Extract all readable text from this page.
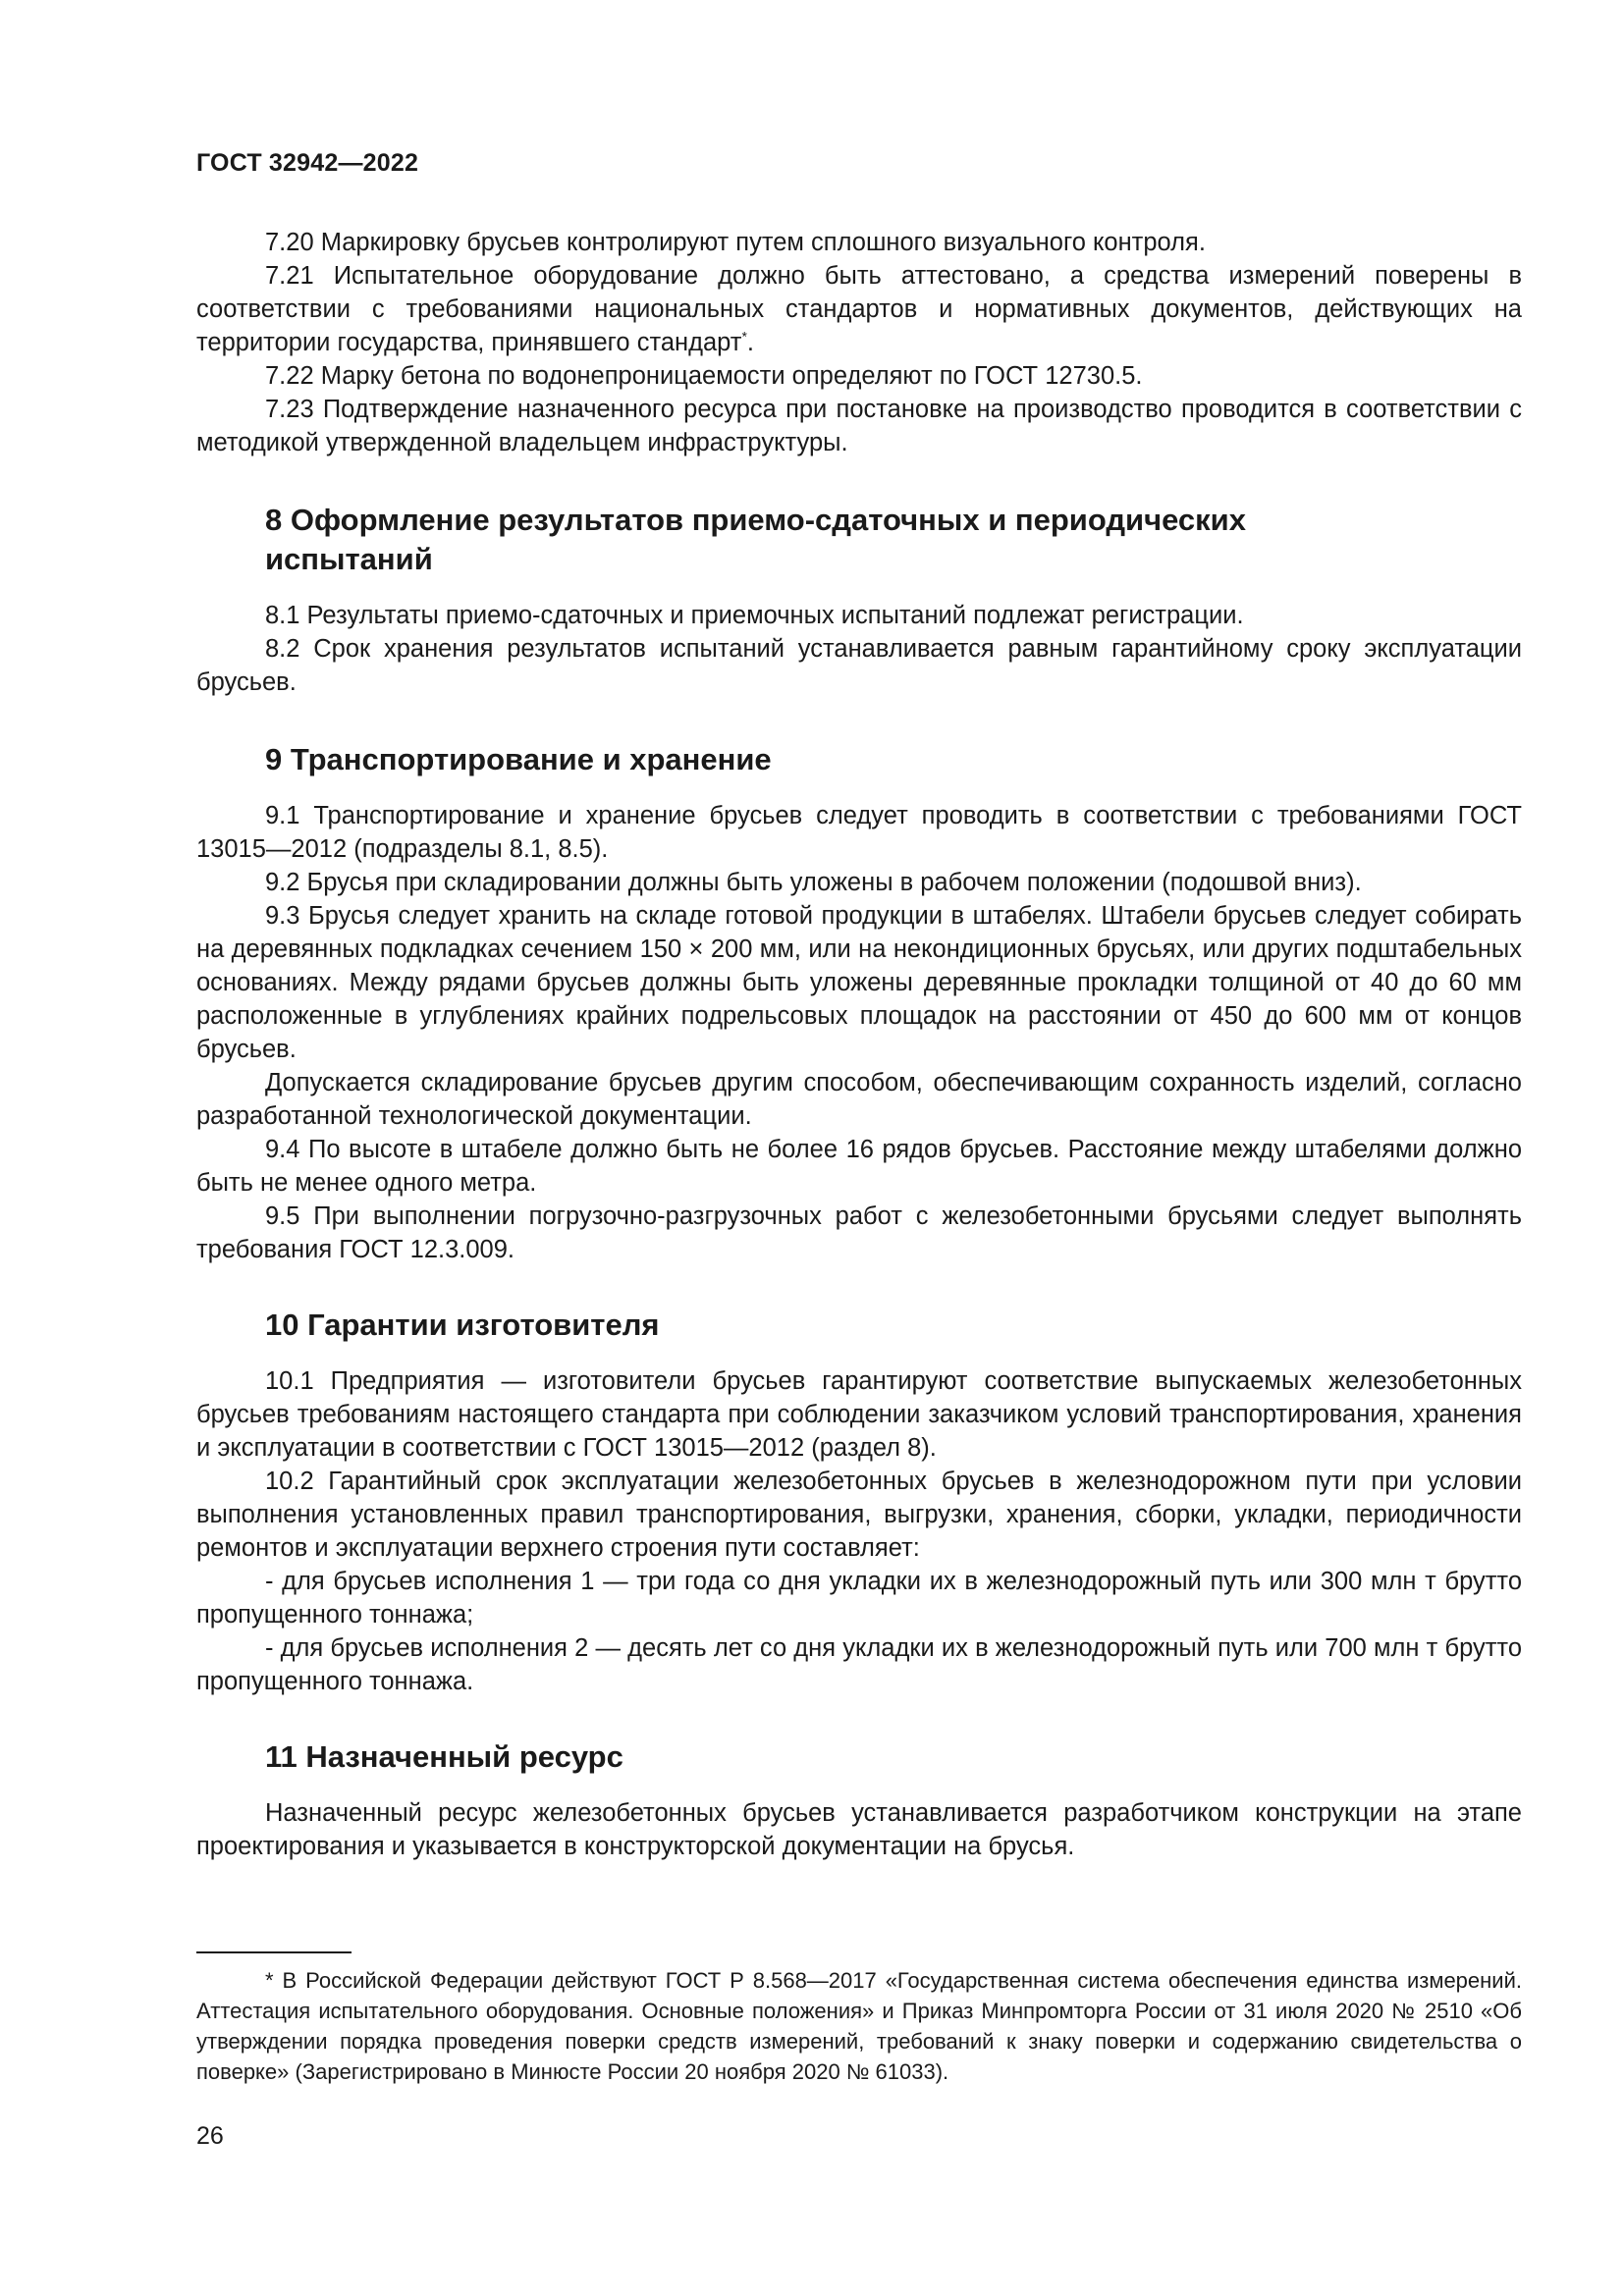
ГОСТ 32942—2022

7.20 Маркировку брусьев контролируют путем сплошного визуального контроля.

7.21 Испытательное оборудование должно быть аттестовано, а средства измерений поверены в соответствии с требованиями национальных стандартов и нормативных документов, действующих на территории государства, принявшего стандарт*.

7.22 Марку бетона по водонепроницаемости определяют по ГОСТ 12730.5.

7.23 Подтверждение назначенного ресурса при постановке на производство проводится в соответствии с методикой утвержденной владельцем инфраструктуры.

8 Оформление результатов приемо-сдаточных и периодических
испытаний

8.1 Результаты приемо-сдаточных и приемочных испытаний подлежат регистрации.

8.2 Срок хранения результатов испытаний устанавливается равным гарантийному сроку эксплуатации брусьев.

9 Транспортирование и хранение

9.1 Транспортирование и хранение брусьев следует проводить в соответствии с требованиями ГОСТ 13015—2012 (подразделы 8.1, 8.5).

9.2 Брусья при складировании должны быть уложены в рабочем положении (подошвой вниз).

9.3 Брусья следует хранить на складе готовой продукции в штабелях. Штабели брусьев следует собирать на деревянных подкладках сечением 150 × 200 мм, или на некондиционных брусьях, или других подштабельных основаниях. Между рядами брусьев должны быть уложены деревянные прокладки толщиной от 40 до 60 мм расположенные в углублениях крайних подрельсовых площадок на расстоянии от 450 до 600 мм от концов брусьев.

Допускается складирование брусьев другим способом, обеспечивающим сохранность изделий, согласно разработанной технологической документации.

9.4 По высоте в штабеле должно быть не более 16 рядов брусьев. Расстояние между штабелями должно быть не менее одного метра.

9.5 При выполнении погрузочно-разгрузочных работ с железобетонными брусьями следует выполнять требования ГОСТ 12.3.009.

10 Гарантии изготовителя

10.1 Предприятия — изготовители брусьев гарантируют соответствие выпускаемых железобетонных брусьев требованиям настоящего стандарта при соблюдении заказчиком условий транспортирования, хранения и эксплуатации в соответствии с ГОСТ 13015—2012 (раздел 8).

10.2 Гарантийный срок эксплуатации железобетонных брусьев в железнодорожном пути при условии выполнения установленных правил транспортирования, выгрузки, хранения, сборки, укладки, периодичности ремонтов и эксплуатации верхнего строения пути составляет:

- для брусьев исполнения 1 — три года со дня укладки их в железнодорожный путь или 300 млн т брутто пропущенного тоннажа;

- для брусьев исполнения 2 — десять лет со дня укладки их в железнодорожный путь или 700 млн т брутто пропущенного тоннажа.

11 Назначенный ресурс

Назначенный ресурс железобетонных брусьев устанавливается разработчиком конструкции на этапе проектирования и указывается в конструкторской документации на брусья.

* В Российской Федерации действуют ГОСТ Р 8.568—2017 «Государственная система обеспечения единства измерений. Аттестация испытательного оборудования. Основные положения» и Приказ Минпромторга России от 31 июля 2020 № 2510 «Об утверждении порядка проведения поверки средств измерений, требований к знаку поверки и содержанию свидетельства о поверке» (Зарегистрировано в Минюсте России 20 ноября 2020 № 61033).

26
